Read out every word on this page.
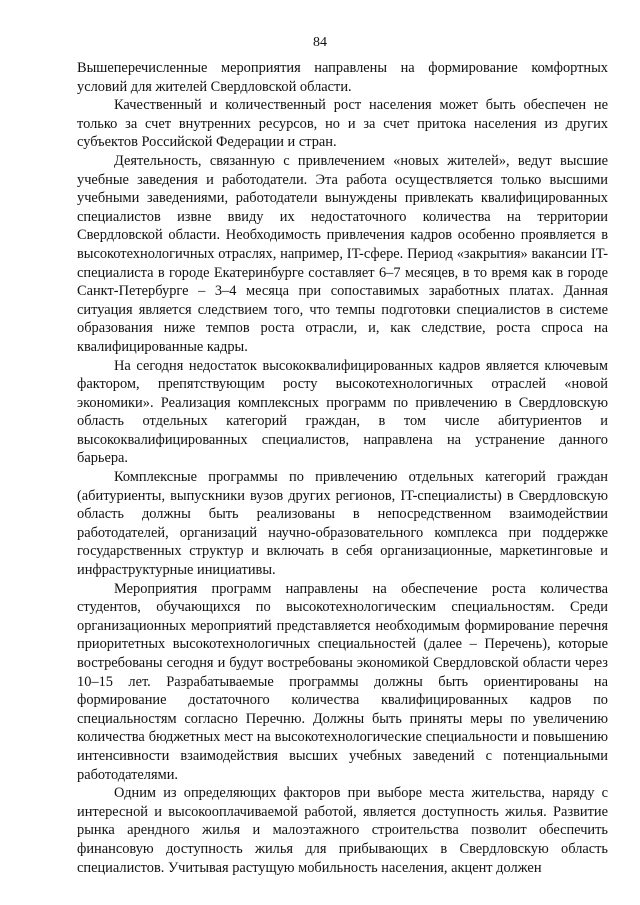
84

Вышеперечисленные мероприятия направлены на формирование комфортных условий для жителей Свердловской области.

Качественный и количественный рост населения может быть обеспечен не только за счет внутренних ресурсов, но и за счет притока населения из других субъектов Российской Федерации и стран.

Деятельность, связанную с привлечением «новых жителей», ведут высшие учебные заведения и работодатели. Эта работа осуществляется только высшими учебными заведениями, работодатели вынуждены привлекать квалифицированных специалистов извне ввиду их недостаточного количества на территории Свердловской области. Необходимость привлечения кадров особенно проявляется в высокотехнологичных отраслях, например, IT-сфере. Период «закрытия» вакансии IT-специалиста в городе Екатеринбурге составляет 6–7 месяцев, в то время как в городе Санкт-Петербурге – 3–4 месяца при сопоставимых заработных платах. Данная ситуация является следствием того, что темпы подготовки специалистов в системе образования ниже темпов роста отрасли, и, как следствие, роста спроса на квалифицированные кадры.

На сегодня недостаток высококвалифицированных кадров является ключевым фактором, препятствующим росту высокотехнологичных отраслей «новой экономики». Реализация комплексных программ по привлечению в Свердловскую область отдельных категорий граждан, в том числе абитуриентов и высококвалифицированных специалистов, направлена на устранение данного барьера.

Комплексные программы по привлечению отдельных категорий граждан (абитуриенты, выпускники вузов других регионов, IT-специалисты) в Свердловскую область должны быть реализованы в непосредственном взаимодействии работодателей, организаций научно-образовательного комплекса при поддержке государственных структур и включать в себя организационные, маркетинговые и инфраструктурные инициативы.

Мероприятия программ направлены на обеспечение роста количества студентов, обучающихся по высокотехнологическим специальностям. Среди организационных мероприятий представляется необходимым формирование перечня приоритетных высокотехнологичных специальностей (далее – Перечень), которые востребованы сегодня и будут востребованы экономикой Свердловской области через 10–15 лет. Разрабатываемые программы должны быть ориентированы на формирование достаточного количества квалифицированных кадров по специальностям согласно Перечню. Должны быть приняты меры по увеличению количества бюджетных мест на высокотехнологические специальности и повышению интенсивности взаимодействия высших учебных заведений с потенциальными работодателями.

Одним из определяющих факторов при выборе места жительства, наряду с интересной и высокооплачиваемой работой, является доступность жилья. Развитие рынка арендного жилья и малоэтажного строительства позволит обеспечить финансовую доступность жилья для прибывающих в Свердловскую область специалистов. Учитывая растущую мобильность населения, акцент должен
